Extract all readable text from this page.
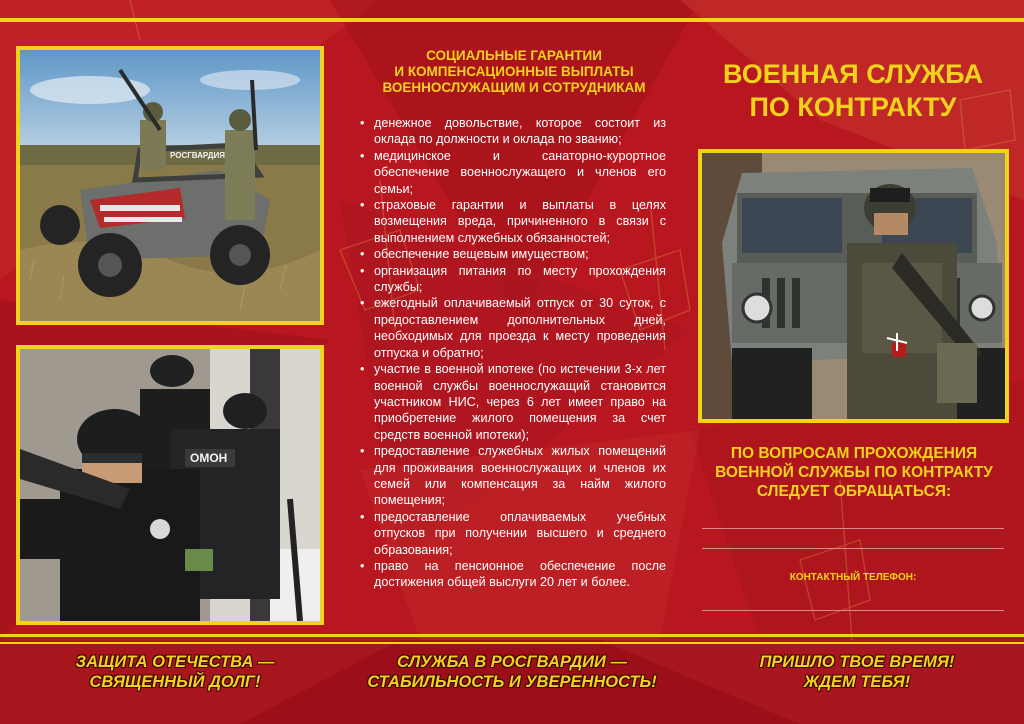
РОСГВАРДИЯ
ОМОН
СОЦИАЛЬНЫЕ ГАРАНТИИ
И КОМПЕНСАЦИОННЫЕ ВЫПЛАТЫ
ВОЕННОСЛУЖАЩИМ И СОТРУДНИКАМ
• денежное довольствие, которое состоит из оклада по должности и оклада по званию;
• медицинское и санаторно-курортное обеспечение военнослужащего и членов его семьи;
• страховые гарантии и выплаты в целях возмещения вреда, причиненного в связи с выполнением служебных обязанностей;
• обеспечение вещевым имуществом;
• организация питания по месту прохождения службы;
• ежегодный оплачиваемый отпуск от 30 суток, с предоставлением дополнительных дней, необходимых для проезда к месту проведения отпуска и обратно;
• участие в военной ипотеке (по истечении 3-х лет военной службы военнослужащий становится участником НИС, через 6 лет имеет право на приобретение жилого помещения за счет средств военной ипотеки);
• предоставление служебных жилых помещений для проживания военнослужащих и членов их семей или компенсация за найм жилого помещения;
• предоставление оплачиваемых учебных отпусков при получении высшего и среднего образования;
• право на пенсионное обеспечение после достижения общей выслуги 20 лет и более.
ВОЕННАЯ СЛУЖБА
ПО КОНТРАКТУ
ПО ВОПРОСАМ ПРОХОЖДЕНИЯ
ВОЕННОЙ СЛУЖБЫ ПО КОНТРАКТУ
СЛЕДУЕТ ОБРАЩАТЬСЯ:
КОНТАКТНЫЙ ТЕЛЕФОН:
ЗАЩИТА ОТЕЧЕСТВА —
СВЯЩЕННЫЙ ДОЛГ!
СЛУЖБА В РОСГВАРДИИ —
СТАБИЛЬНОСТЬ И УВЕРЕННОСТЬ!
ПРИШЛО ТВОЕ ВРЕМЯ!
ЖДЕМ ТЕБЯ!
